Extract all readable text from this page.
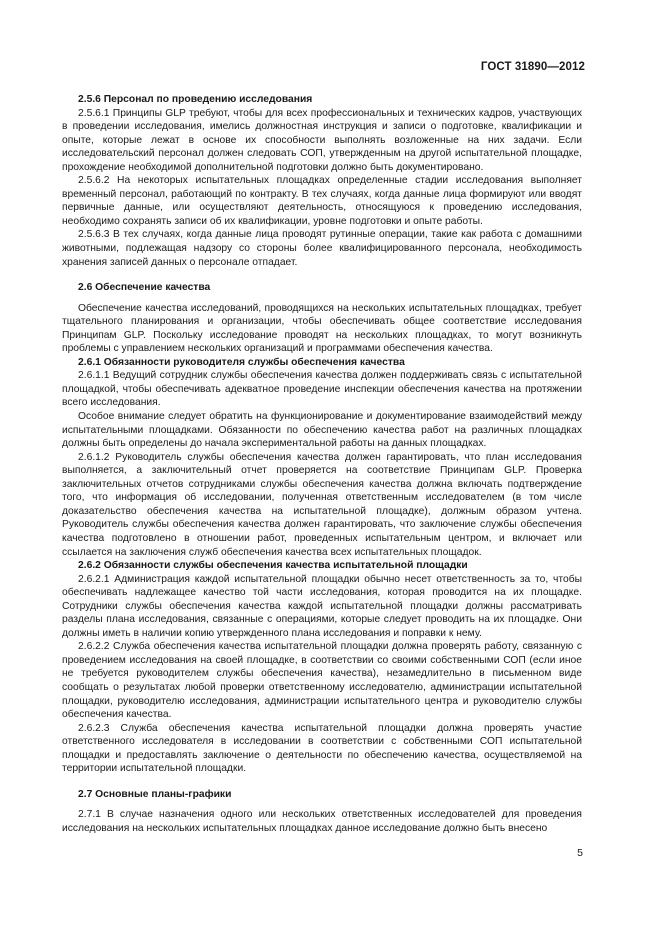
ГОСТ 31890—2012
2.5.6 Персонал по проведению исследования

2.5.6.1 Принципы GLP требуют, чтобы для всех профессиональных и технических кадров, участвующих в проведении исследования, имелись должностная инструкция и записи о подготовке, квалификации и опыте, которые лежат в основе их способности выполнять возложенные на них задачи. Если исследовательский персонал должен следовать СОП, утвержденным на другой испытательной площадке, прохождение необходимой дополнительной подготовки должно быть документировано.

2.5.6.2 На некоторых испытательных площадках определенные стадии исследования выполняет временный персонал, работающий по контракту. В тех случаях, когда данные лица формируют или вводят первичные данные, или осуществляют деятельность, относящуюся к проведению исследования, необходимо сохранять записи об их квалификации, уровне подготовки и опыте работы.

2.5.6.3 В тех случаях, когда данные лица проводят рутинные операции, такие как работа с домашними животными, подлежащая надзору со стороны более квалифицированного персонала, необходимость хранения записей данных о персонале отпадает.

2.6 Обеспечение качества

Обеспечение качества исследований, проводящихся на нескольких испытательных площадках, требует тщательного планирования и организации, чтобы обеспечивать общее соответствие исследования Принципам GLP. Поскольку исследование проводят на нескольких площадках, то могут возникнуть проблемы с управлением нескольких организаций и программами обеспечения качества.

2.6.1 Обязанности руководителя службы обеспечения качества

2.6.1.1 Ведущий сотрудник службы обеспечения качества должен поддерживать связь с испытательной площадкой, чтобы обеспечивать адекватное проведение инспекции обеспечения качества на протяжении всего исследования.

Особое внимание следует обратить на функционирование и документирование взаимодействий между испытательными площадками. Обязанности по обеспечению качества работ на различных площадках должны быть определены до начала экспериментальной работы на данных площадках.

2.6.1.2 Руководитель службы обеспечения качества должен гарантировать, что план исследования выполняется, а заключительный отчет проверяется на соответствие Принципам GLP. Проверка заключительных отчетов сотрудниками службы обеспечения качества должна включать подтверждение того, что информация об исследовании, полученная ответственным исследователем (в том числе доказательство обеспечения качества на испытательной площадке), должным образом учтена. Руководитель службы обеспечения качества должен гарантировать, что заключение службы обеспечения качества подготовлено в отношении работ, проведенных испытательным центром, и включает или ссылается на заключения служб обеспечения качества всех испытательных площадок.

2.6.2 Обязанности службы обеспечения качества испытательной площадки

2.6.2.1 Администрация каждой испытательной площадки обычно несет ответственность за то, чтобы обеспечивать надлежащее качество той части исследования, которая проводится на их площадке. Сотрудники службы обеспечения качества каждой испытательной площадки должны рассматривать разделы плана исследования, связанные с операциями, которые следует проводить на их площадке. Они должны иметь в наличии копию утвержденного плана исследования и поправки к нему.

2.6.2.2 Служба обеспечения качества испытательной площадки должна проверять работу, связанную с проведением исследования на своей площадке, в соответствии со своими собственными СОП (если иное не требуется руководителем службы обеспечения качества), незамедлительно в письменном виде сообщать о результатах любой проверки ответственному исследователю, администрации испытательной площадки, руководителю исследования, администрации испытательного центра и руководителю службы обеспечения качества.

2.6.2.3 Служба обеспечения качества испытательной площадки должна проверять участие ответственного исследователя в исследовании в соответствии с собственными СОП испытательной площадки и предоставлять заключение о деятельности по обеспечению качества, осуществляемой на территории испытательной площадки.

2.7 Основные планы-графики

2.7.1 В случае назначения одного или нескольких ответственных исследователей для проведения исследования на нескольких испытательных площадках данное исследование должно быть внесено

5
